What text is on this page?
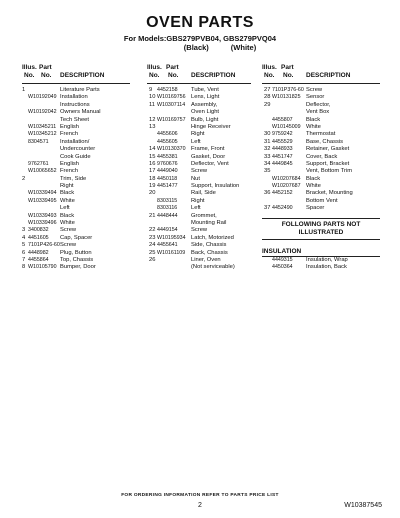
OVEN PARTS
For Models:GBS279PVB04, GBS279PVQ04
(Black)	(White)
Illus. Part
No. No. DESCRIPTION
1	Literature Parts
W10192049 Installation
Instructions
W10192042 Owners Manual
Tech Sheet
W10345211 English
W10345212 French
8304571 Installation/
Undercounter
Cook Guide
9762761 English
W10065652 French
2	Trim, Side
Right
W10339494 Black
W10339495 White
Left
W10339493 Black
W10339496 White
3 3400832 Screw
4 4451605 Cap, Spacer
5 7101P426-60 Screw
6 4448982 Plug, Button
7 4455864 Top, Chassis
8 W10105790 Bumper, Door
Illus. Part
No. No. DESCRIPTION
9 4452158 Tube, Vent
10 W10169756 Lens, Light
11 W10307114 Assembly,
Oven Light
12 W10169757 Bulb, Light
13	Hinge Receiver
4455606 Right
4455605 Left
14 W10130370 Frame, Front
15 4455381 Gasket, Door
16 9760676 Deflector, Vent
17 4449040 Screw
18 4450118 Nut
19 4451477 Support, Insulation
20	Rail, Side
8303115 Right
8303116 Left
21 4448444 Grommet,
Mounting Rail
22 4449154 Screw
23 W10195934 Latch, Motorized
24 4455641 Side, Chassis
25 W10161109 Back, Chassis
26	Liner, Oven
(Not serviceable)
Illus. Part
No. No. DESCRIPTION
27 7101P376-60 Screw
28 W10131825 Sensor
29	Deflector,
Vent Box
4455807 Black
W10145009 White
30 9759242 Thermostat
31 4455529 Base, Chassis
32 4448933 Retainer, Gasket
33 4451747 Cover, Back
34 4449845 Support, Bracket
35	Vent, Bottom Trim
W10207684 Black
W10207687 White
36 4452152 Bracket, Mounting
Bottom Vent
37 4452490 Spacer
FOLLOWING PARTS NOT ILLUSTRATED
INSULATION
4449315 Insulation, Wrap
4450364 Insulation, Back
FOR ORDERING INFORMATION REFER TO PARTS PRICE LIST
2	W10387545
